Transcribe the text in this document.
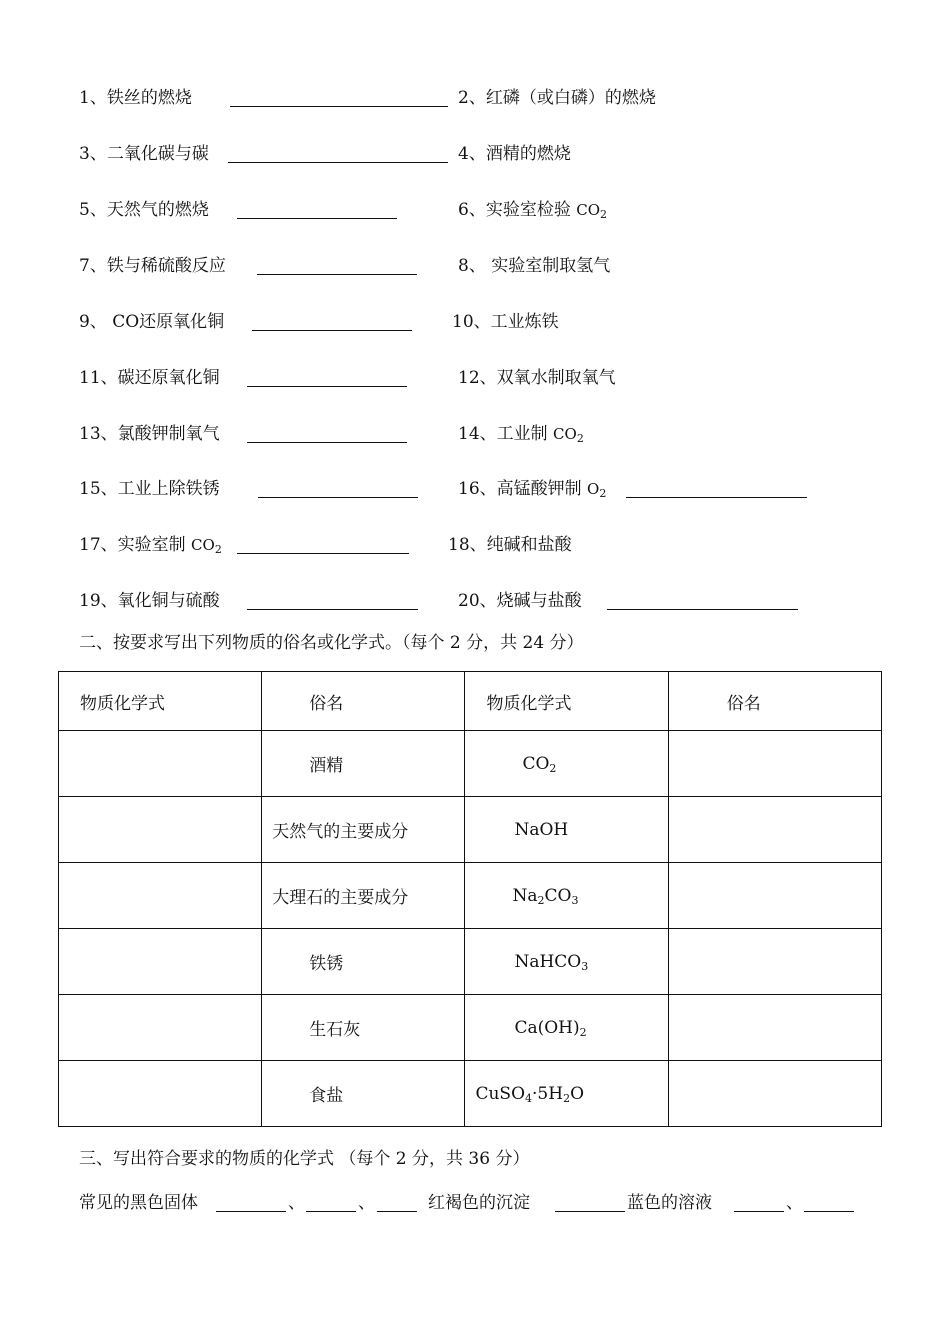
1、铁丝的燃烧	2、红磷（或白磷）的燃烧
3、二氧化碳与碳	4、酒精的燃烧
5、天然气的燃烧	6、实验室检验 $CO_2$
7、铁与稀硫酸反应	8、 实验室制取氢气
9、 CO还原氧化铜	10、工业炼铁
11、碳还原氧化铜	12、双氧水制取氧气
13、氯酸钾制氧气	14、工业制 $CO_2$
15、工业上除铁锈	16、高锰酸钾制 $O_2$
17、实验室制 $CO_2$	18、纯碱和盐酸
19、氧化铜与硫酸	20、烧碱与盐酸
二、按要求写出下列物质的俗名或化学式。（每个 2 分，共 24 分）
物质化学式	俗名	物质化学式	俗名
	酒精	$CO_2$	
	天然气的主要成分	NaOH	
	大理石的主要成分	$Na_2CO_3$	
	铁锈	NaHCO$_3$	
	生石灰	$Ca(OH)_2$	
	食盐	$CuSO_4\cdot 5H_2O$	
三、写出符合要求的物质的化学式 （每个 2 分，共 36 分）
常见的黑色固体	、	、	红褐色的沉淀	蓝色的溶液	、
